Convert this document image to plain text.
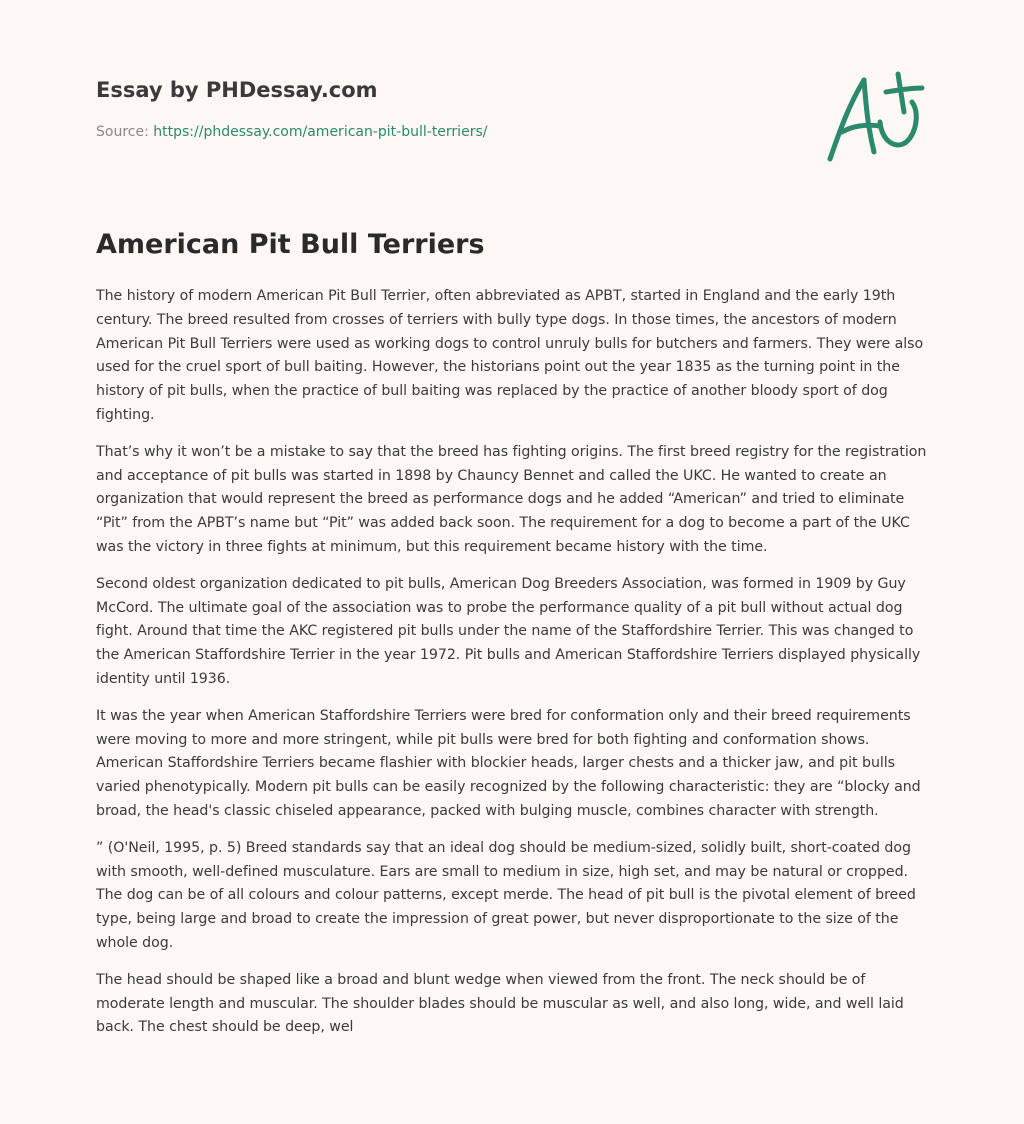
Essay by PHDessay.com
Source: https://phdessay.com/american-pit-bull-terriers/
American Pit Bull Terriers

The history of modern American Pit Bull Terrier, often abbreviated as APBT, started in England and the early 19th century. The breed resulted from crosses of terriers with bully type dogs. In those times, the ancestors of modern American Pit Bull Terriers were used as working dogs to control unruly bulls for butchers and farmers. They were also used for the cruel sport of bull baiting. However, the historians point out the year 1835 as the turning point in the history of pit bulls, when the practice of bull baiting was replaced by the practice of another bloody sport of dog fighting.

That’s why it won’t be a mistake to say that the breed has fighting origins. The first breed registry for the registration and acceptance of pit bulls was started in 1898 by Chauncy Bennet and called the UKC. He wanted to create an organization that would represent the breed as performance dogs and he added “American” and tried to eliminate “Pit” from the APBT’s name but “Pit” was added back soon. The requirement for a dog to become a part of the UKC was the victory in three fights at minimum, but this requirement became history with the time.

Second oldest organization dedicated to pit bulls, American Dog Breeders Association, was formed in 1909 by Guy McCord. The ultimate goal of the association was to probe the performance quality of a pit bull without actual dog fight. Around that time the AKC registered pit bulls under the name of the Staffordshire Terrier. This was changed to the American Staffordshire Terrier in the year 1972. Pit bulls and American Staffordshire Terriers displayed physically identity until 1936.

It was the year when American Staffordshire Terriers were bred for conformation only and their breed requirements were moving to more and more stringent, while pit bulls were bred for both fighting and conformation shows. American Staffordshire Terriers became flashier with blockier heads, larger chests and a thicker jaw, and pit bulls varied phenotypically. Modern pit bulls can be easily recognized by the following characteristic: they are “blocky and broad, the head's classic chiseled appearance, packed with bulging muscle, combines character with strength.

” (O'Neil, 1995, p. 5) Breed standards say that an ideal dog should be medium-sized, solidly built, short-coated dog with smooth, well-defined musculature. Ears are small to medium in size, high set, and may be natural or cropped. The dog can be of all colours and colour patterns, except merde. The head of pit bull is the pivotal element of breed type, being large and broad to create the impression of great power, but never disproportionate to the size of the whole dog.

The head should be shaped like a broad and blunt wedge when viewed from the front. The neck should be of moderate length and muscular. The shoulder blades should be muscular as well, and also long, wide, and well laid back. The chest should be deep, wel
